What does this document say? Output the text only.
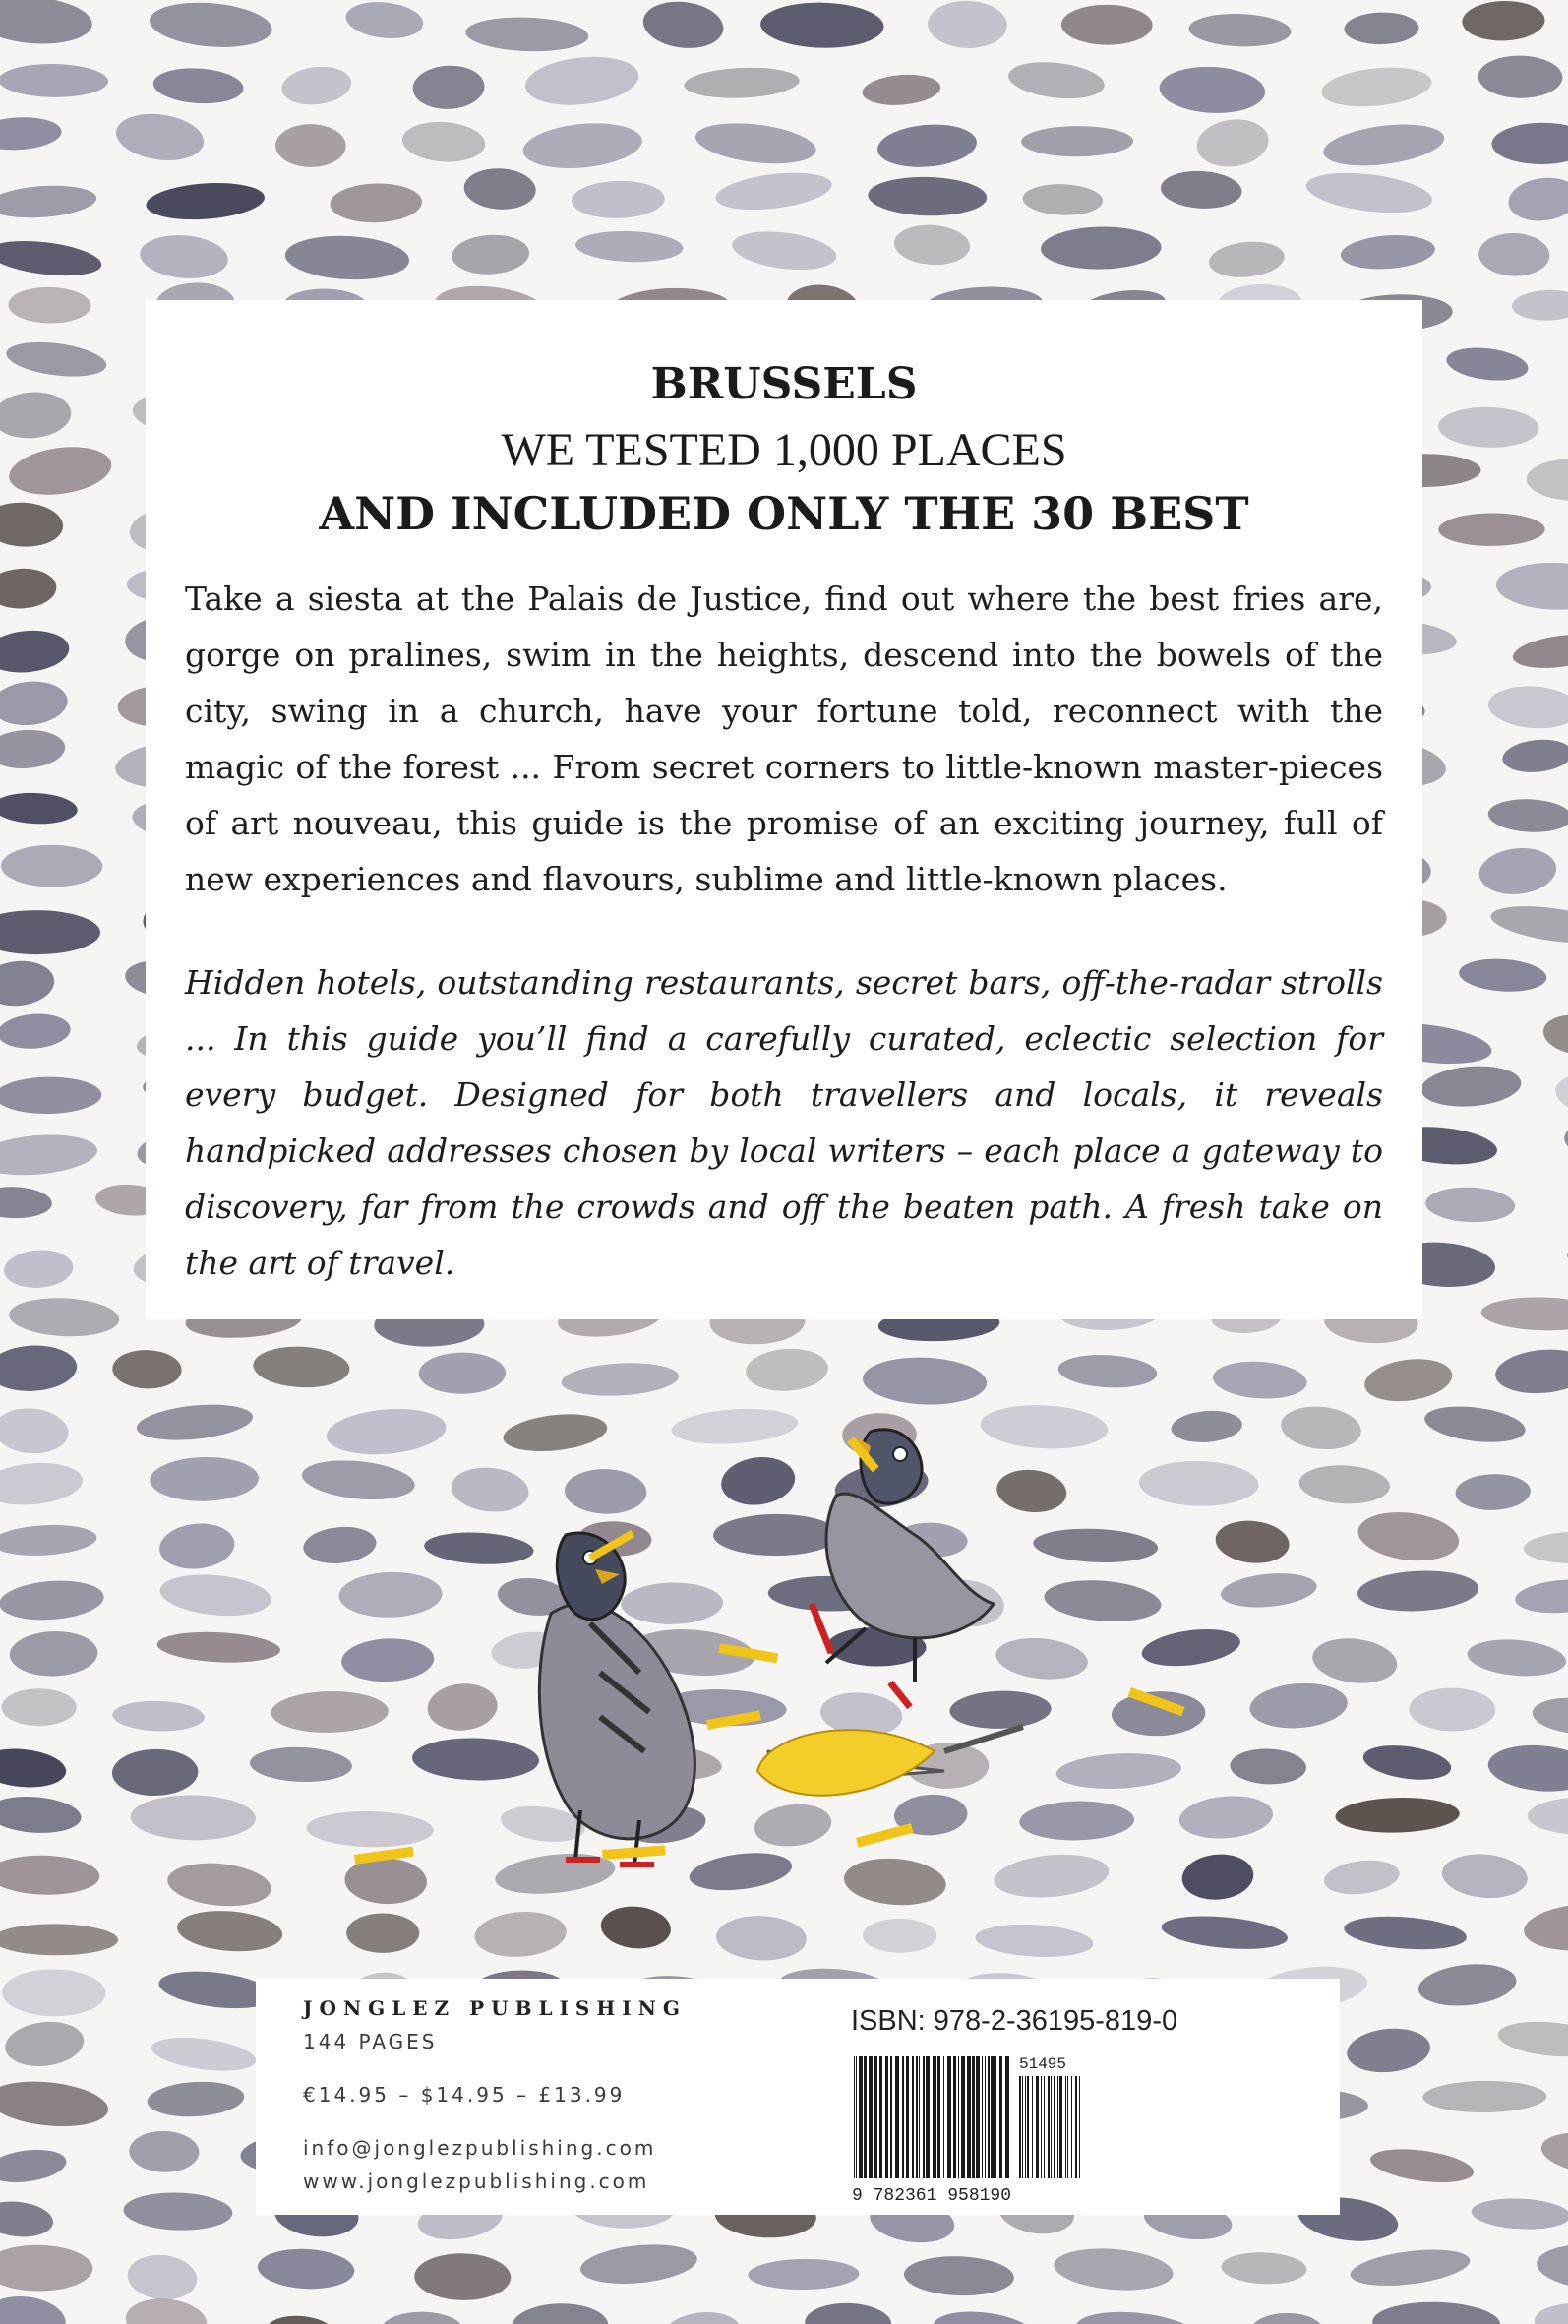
BRUSSELS
WE TESTED 1,000 PLACES
AND INCLUDED ONLY THE 30 BEST
Take a siesta at the Palais de Justice, find out where the best fries are, gorge on pralines, swim in the heights, descend into the bowels of the city, swing in a church, have your fortune told, reconnect with the magic of the forest ... From secret corners to little-known master-pieces of art nouveau, this guide is the promise of an exciting journey, full of new experiences and flavours, sublime and little-known places.
Hidden hotels, outstanding restaurants, secret bars, off-the-radar strolls ... In this guide you’ll find a carefully curated, eclectic selection for every budget. Designed for both travellers and locals, it reveals handpicked addresses chosen by local writers – each place a gateway to discovery, far from the crowds and off the beaten path. A fresh take on the art of travel.
JONGLEZ PUBLISHING
144 PAGES
€14.95 – $14.95 – £13.99
info@jonglezpublishing.com
www.jonglezpublishing.com
ISBN: 978-2-36195-819-0
9 782361 958190
51495
